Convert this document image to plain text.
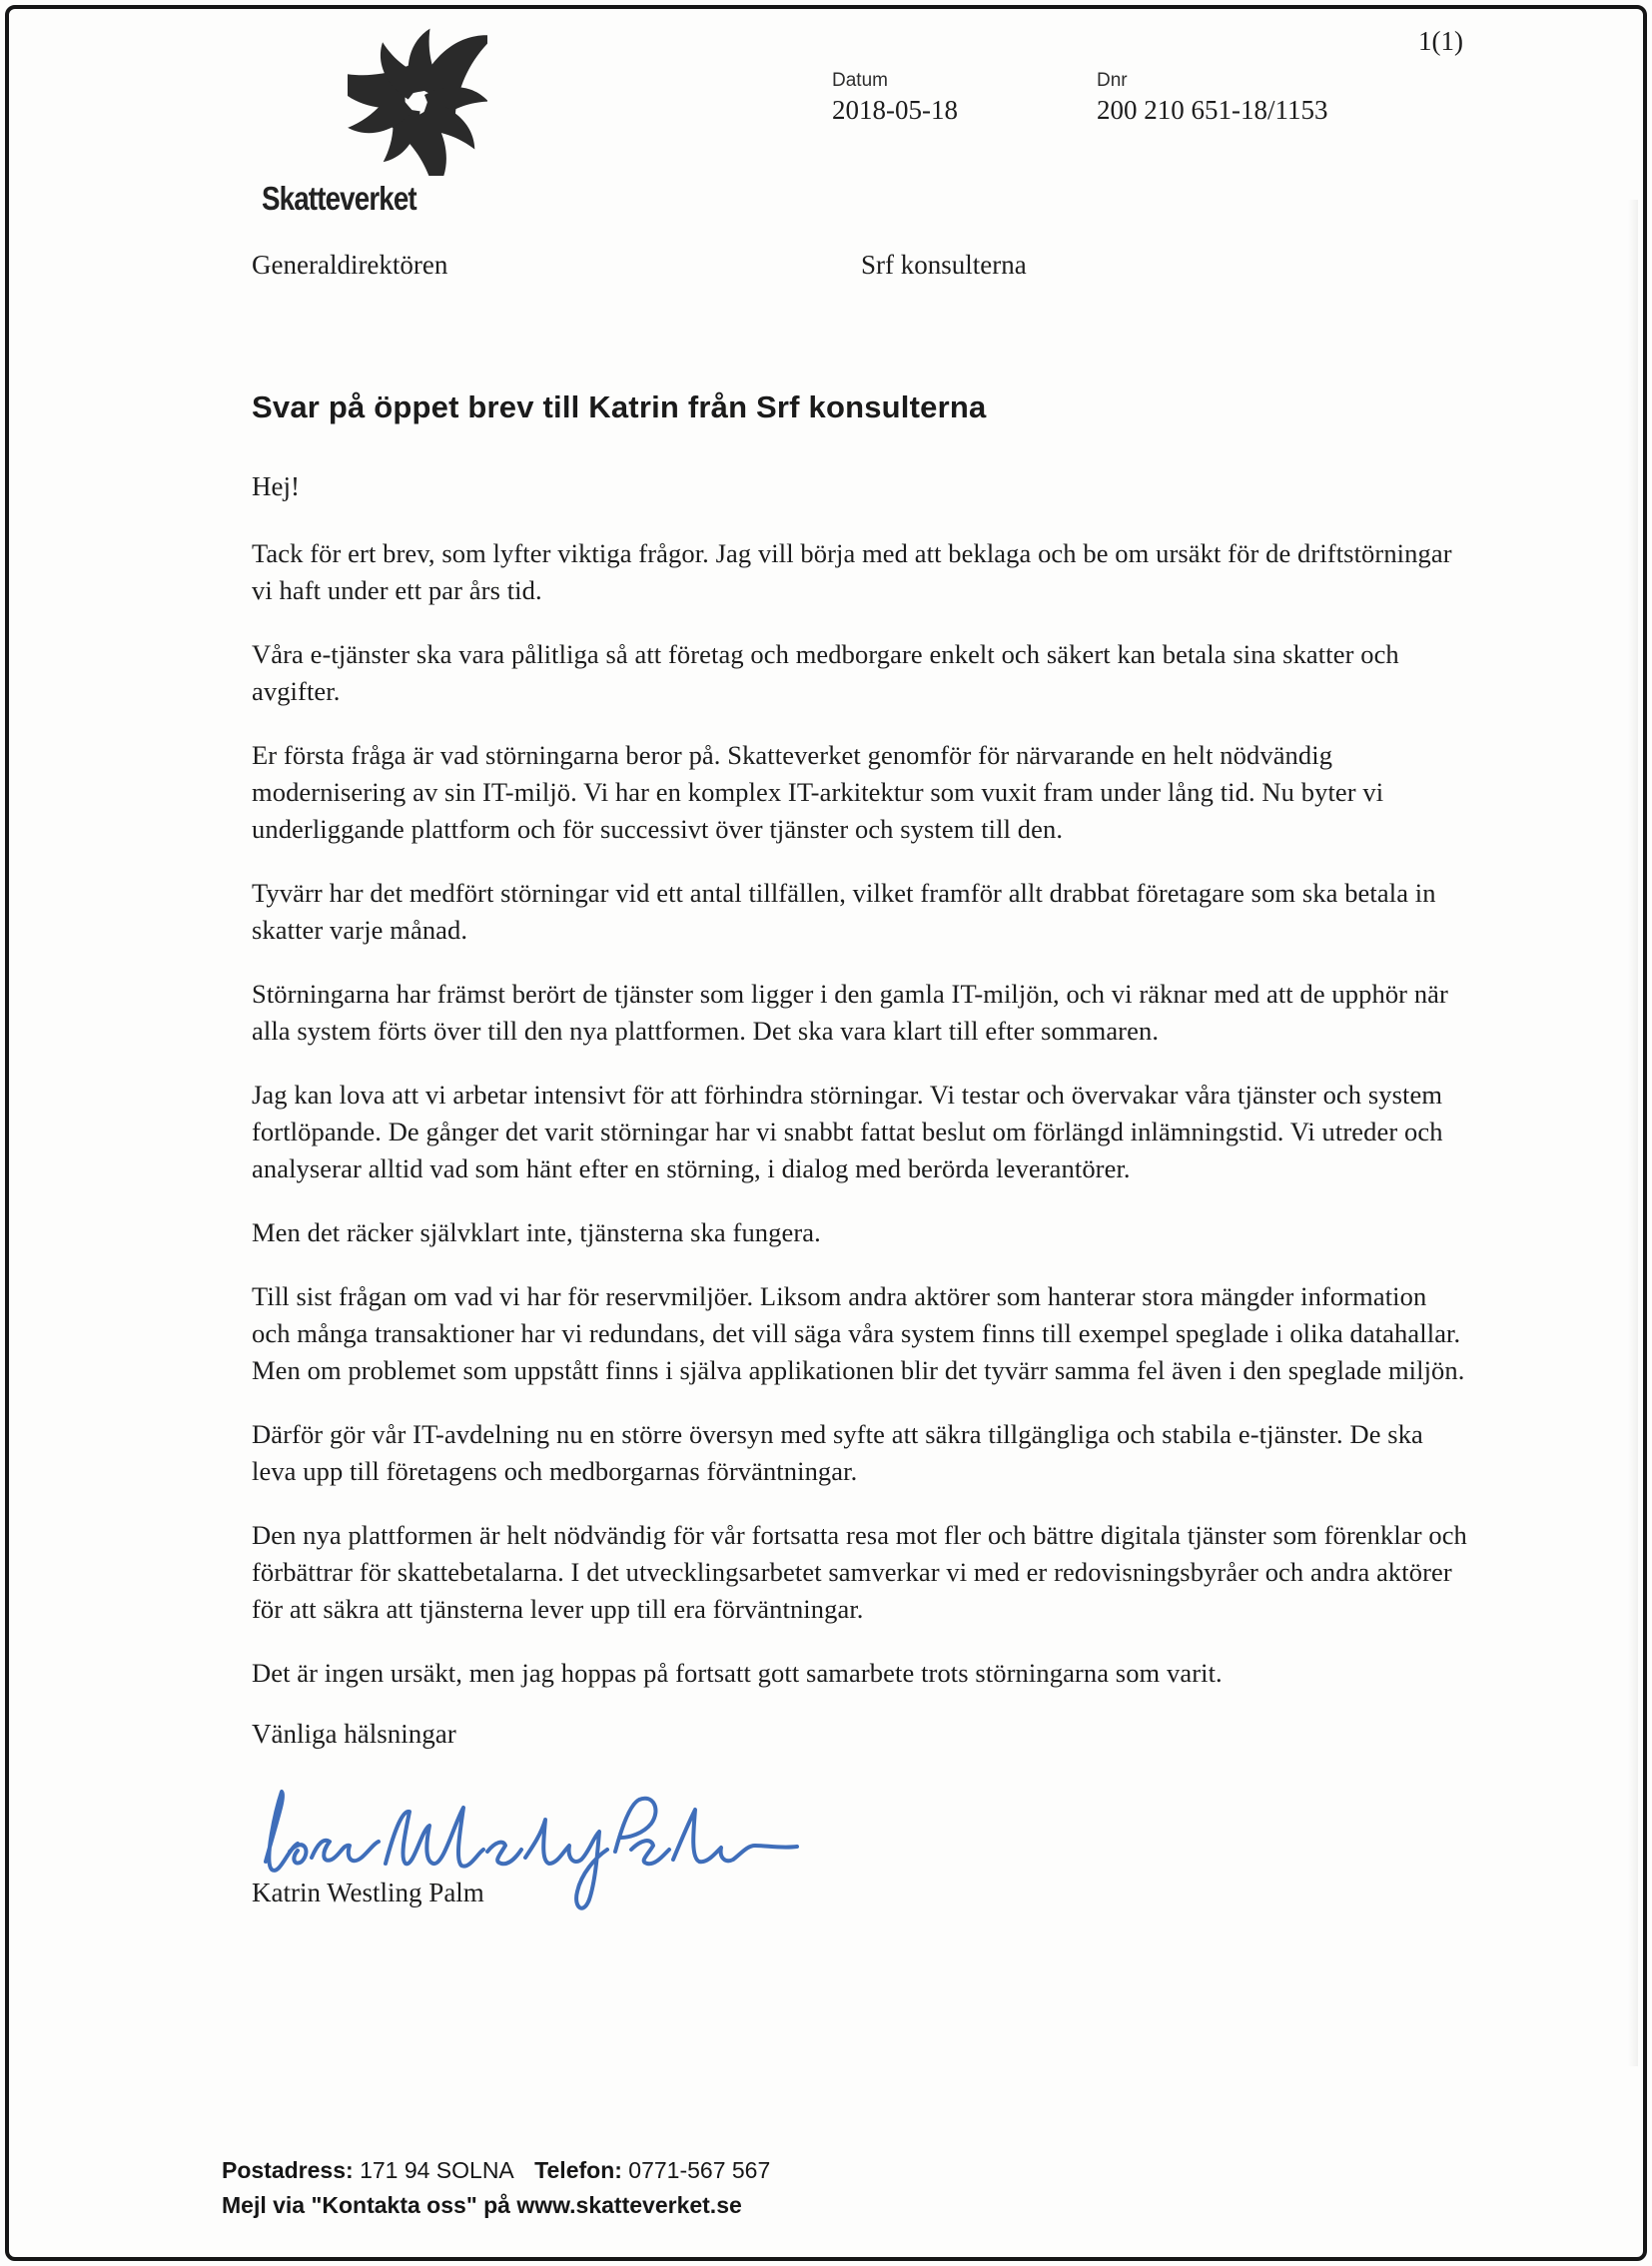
Skatteverket
1(1)
Datum
2018-05-18
Dnr
200 210 651-18/1153
Generaldirektören	Srf konsulterna
Svar på öppet brev till Katrin från Srf konsulterna
Hej!

Tack för ert brev, som lyfter viktiga frågor. Jag vill börja med att beklaga och be om ursäkt för de driftstörningar vi haft under ett par års tid.

Våra e-tjänster ska vara pålitliga så att företag och medborgare enkelt och säkert kan betala sina skatter och avgifter.

Er första fråga är vad störningarna beror på. Skatteverket genomför för närvarande en helt nödvändig modernisering av sin IT-miljö. Vi har en komplex IT-arkitektur som vuxit fram under lång tid. Nu byter vi underliggande plattform och för successivt över tjänster och system till den.

Tyvärr har det medfört störningar vid ett antal tillfällen, vilket framför allt drabbat företagare som ska betala in skatter varje månad.

Störningarna har främst berört de tjänster som ligger i den gamla IT-miljön, och vi räknar med att de upphör när alla system förts över till den nya plattformen. Det ska vara klart till efter sommaren.

Jag kan lova att vi arbetar intensivt för att förhindra störningar. Vi testar och övervakar våra tjänster och system fortlöpande. De gånger det varit störningar har vi snabbt fattat beslut om förlängd inlämningstid. Vi utreder och analyserar alltid vad som hänt efter en störning, i dialog med berörda leverantörer.

Men det räcker självklart inte, tjänsterna ska fungera.

Till sist frågan om vad vi har för reservmiljöer. Liksom andra aktörer som hanterar stora mängder information och många transaktioner har vi redundans, det vill säga våra system finns till exempel speglade i olika datahallar. Men om problemet som uppstått finns i själva applikationen blir det tyvärr samma fel även i den speglade miljön.

Därför gör vår IT-avdelning nu en större översyn med syfte att säkra tillgängliga och stabila e-tjänster. De ska leva upp till företagens och medborgarnas förväntningar.

Den nya plattformen är helt nödvändig för vår fortsatta resa mot fler och bättre digitala tjänster som förenklar och förbättrar för skattebetalarna. I det utvecklingsarbetet samverkar vi med er redovisningsbyråer och andra aktörer för att säkra att tjänsterna lever upp till era förväntningar.

Det är ingen ursäkt, men jag hoppas på fortsatt gott samarbete trots störningarna som varit.

Vänliga hälsningar
Katrin Westling Palm
Postadress: 171 94 SOLNA Telefon: 0771-567 567
Mejl via "Kontakta oss" på www.skatteverket.se
